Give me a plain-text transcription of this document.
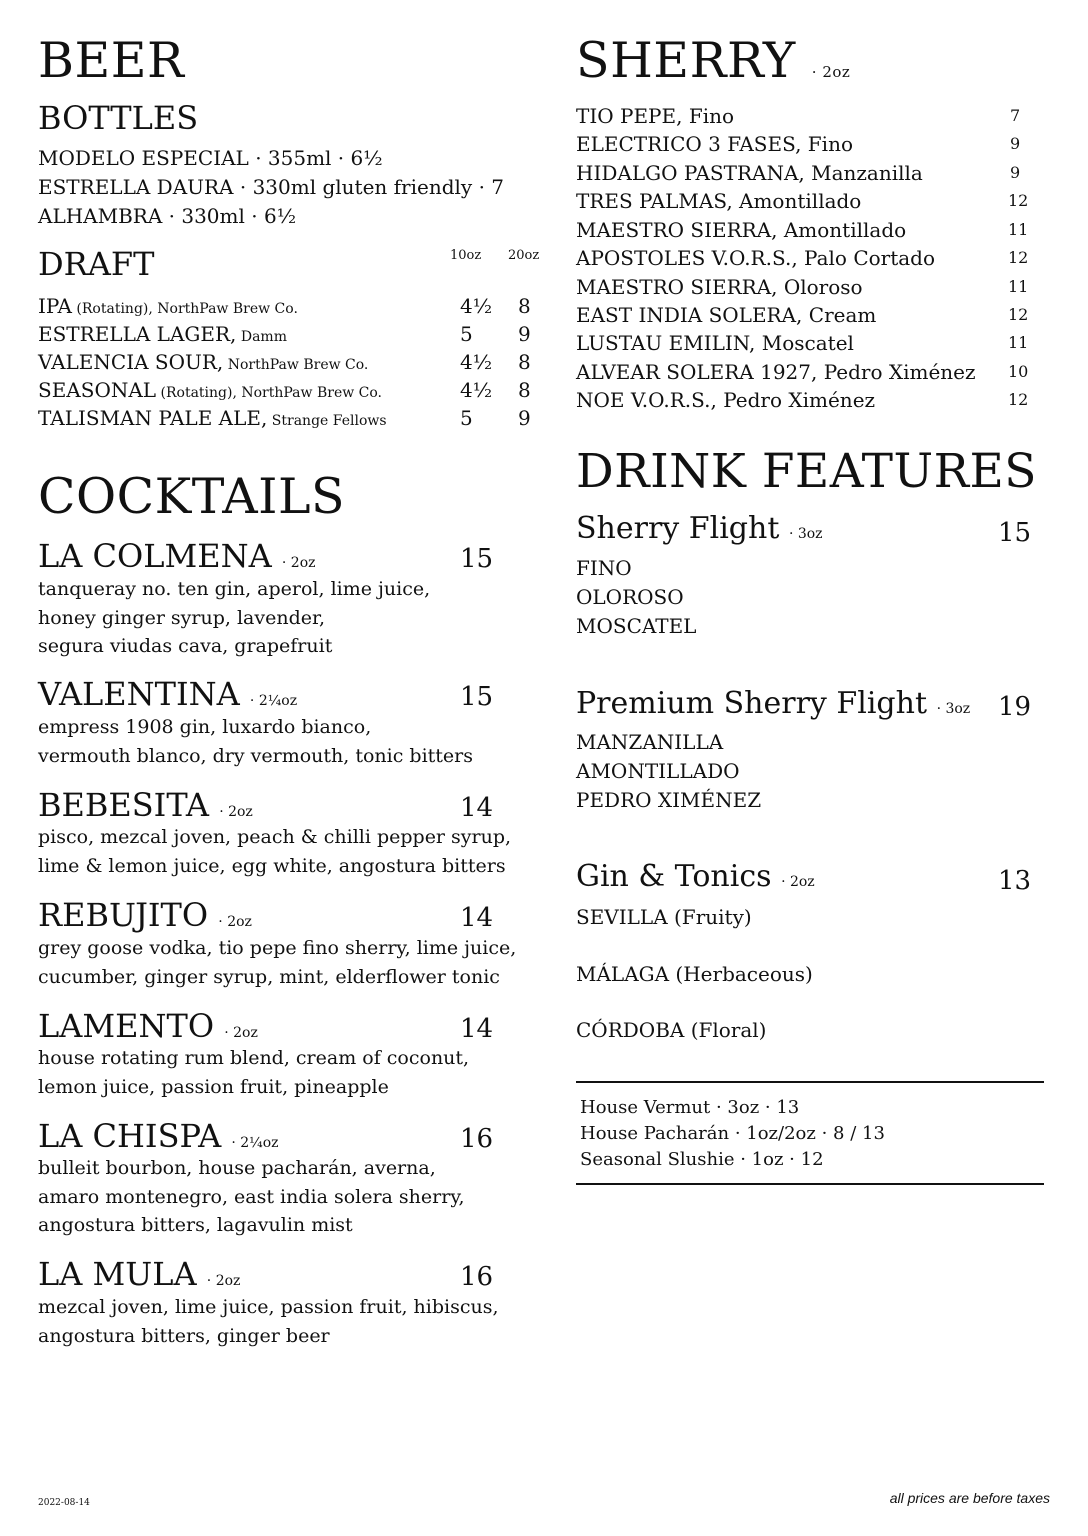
BEER
BOTTLES
MODELO ESPECIAL · 355ml · 6½
ESTRELLA DAURA · 330ml gluten friendly · 7
ALHAMBRA · 330ml · 6½
DRAFT	10oz 20oz
IPA (Rotating), NorthPaw Brew Co.	4½ 8
ESTRELLA LAGER, Damm	5 9
VALENCIA SOUR, NorthPaw Brew Co.	4½ 8
SEASONAL (Rotating), NorthPaw Brew Co.	4½ 8
TALISMAN PALE ALE, Strange Fellows	5 9
COCKTAILS
LA COLMENA · 2oz	15
tanqueray no. ten gin, aperol, lime juice,
honey ginger syrup, lavender,
segura viudas cava, grapefruit
VALENTINA · 2¼oz	15
empress 1908 gin, luxardo bianco,
vermouth blanco, dry vermouth, tonic bitters
BEBESITA · 2oz	14
pisco, mezcal joven, peach & chilli pepper syrup,
lime & lemon juice, egg white, angostura bitters
REBUJITO · 2oz	14
grey goose vodka, tio pepe fino sherry, lime juice,
cucumber, ginger syrup, mint, elderflower tonic
LAMENTO · 2oz	14
house rotating rum blend, cream of coconut,
lemon juice, passion fruit, pineapple
LA CHISPA · 2¼oz	16
bulleit bourbon, house pacharán, averna,
amaro montenegro, east india solera sherry,
angostura bitters, lagavulin mist
LA MULA · 2oz	16
mezcal joven, lime juice, passion fruit, hibiscus,
angostura bitters, ginger beer
SHERRY · 2oz
TIO PEPE, Fino	7
ELECTRICO 3 FASES, Fino	9
HIDALGO PASTRANA, Manzanilla	9
TRES PALMAS, Amontillado	12
MAESTRO SIERRA, Amontillado	11
APOSTOLES V.O.R.S., Palo Cortado	12
MAESTRO SIERRA, Oloroso	11
EAST INDIA SOLERA, Cream	12
LUSTAU EMILIN, Moscatel	11
ALVEAR SOLERA 1927, Pedro Ximénez 10
NOE V.O.R.S., Pedro Ximénez	12
DRINK FEATURES
Sherry Flight · 3oz	15
FINO
OLOROSO
MOSCATEL
Premium Sherry Flight · 3oz 19
MANZANILLA
AMONTILLADO
PEDRO XIMÉNEZ
Gin & Tonics · 2oz	13
SEVILLA (Fruity)
MÁLAGA (Herbaceous)
CÓRDOBA (Floral)
House Vermut · 3oz · 13
House Pacharán · 1oz/2oz · 8 / 13
Seasonal Slushie · 1oz · 12
2022-08-14	all prices are before taxes
